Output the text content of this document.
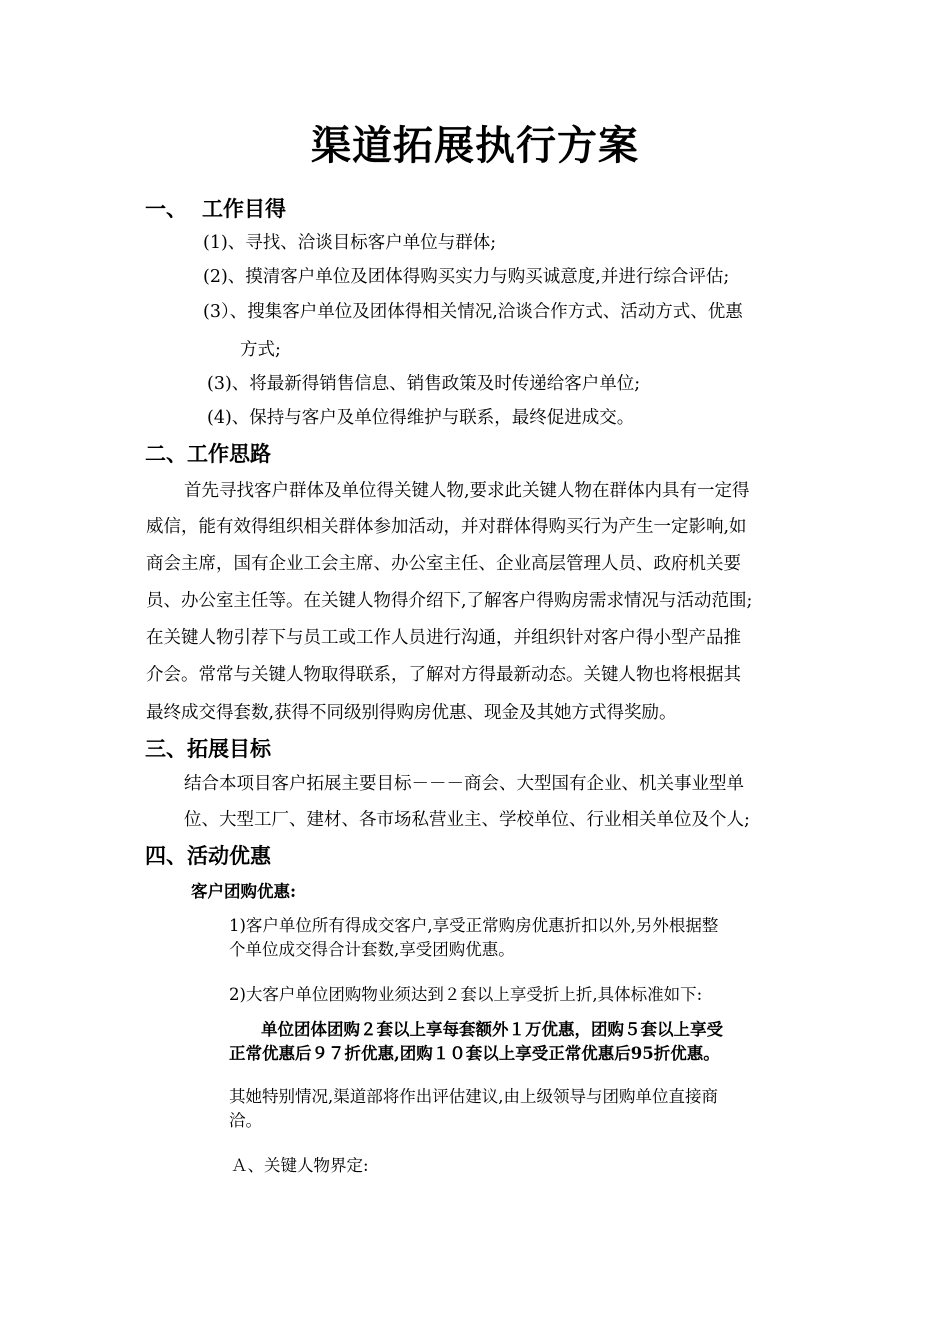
渠道拓展执行方案
一、 工作目得
(1)、寻找、洽谈目标客户单位与群体;
(2)、摸清客户单位及团体得购买实力与购买诚意度,并进行综合评估;
(3）、搜集客户单位及团体得相关情况,洽谈合作方式、活动方式、优惠
方式;
(3)、将最新得销售信息、销售政策及时传递给客户单位;
(4)、保持与客户及单位得维护与联系，最终促进成交。
二、工作思路
首先寻找客户群体及单位得关键人物,要求此关键人物在群体内具有一定得
威信，能有效得组织相关群体参加活动，并对群体得购买行为产生一定影响,如
商会主席，国有企业工会主席、办公室主任、企业高层管理人员、政府机关要
员、办公室主任等。在关键人物得介绍下,了解客户得购房需求情况与活动范围;
在关键人物引荐下与员工或工作人员进行沟通，并组织针对客户得小型产品推
介会。常常与关键人物取得联系，了解对方得最新动态。关键人物也将根据其
最终成交得套数,获得不同级别得购房优惠、现金及其她方式得奖励。
三、拓展目标
结合本项目客户拓展主要目标－－－商会、大型国有企业、机关事业型单
位、大型工厂、建材、各市场私营业主、学校单位、行业相关单位及个人;
四、活动优惠
客户团购优惠:
1)客户单位所有得成交客户,享受正常购房优惠折扣以外,另外根据整
个单位成交得合计套数,享受团购优惠。
2)大客户单位团购物业须达到２套以上享受折上折,具体标准如下:
单位团体团购２套以上享每套额外１万优惠，团购５套以上享受
正常优惠后９７折优惠,团购１０套以上享受正常优惠后95折优惠。
其她特别情况,渠道部将作出评估建议,由上级领导与团购单位直接商
洽。
Ａ、关键人物界定:
